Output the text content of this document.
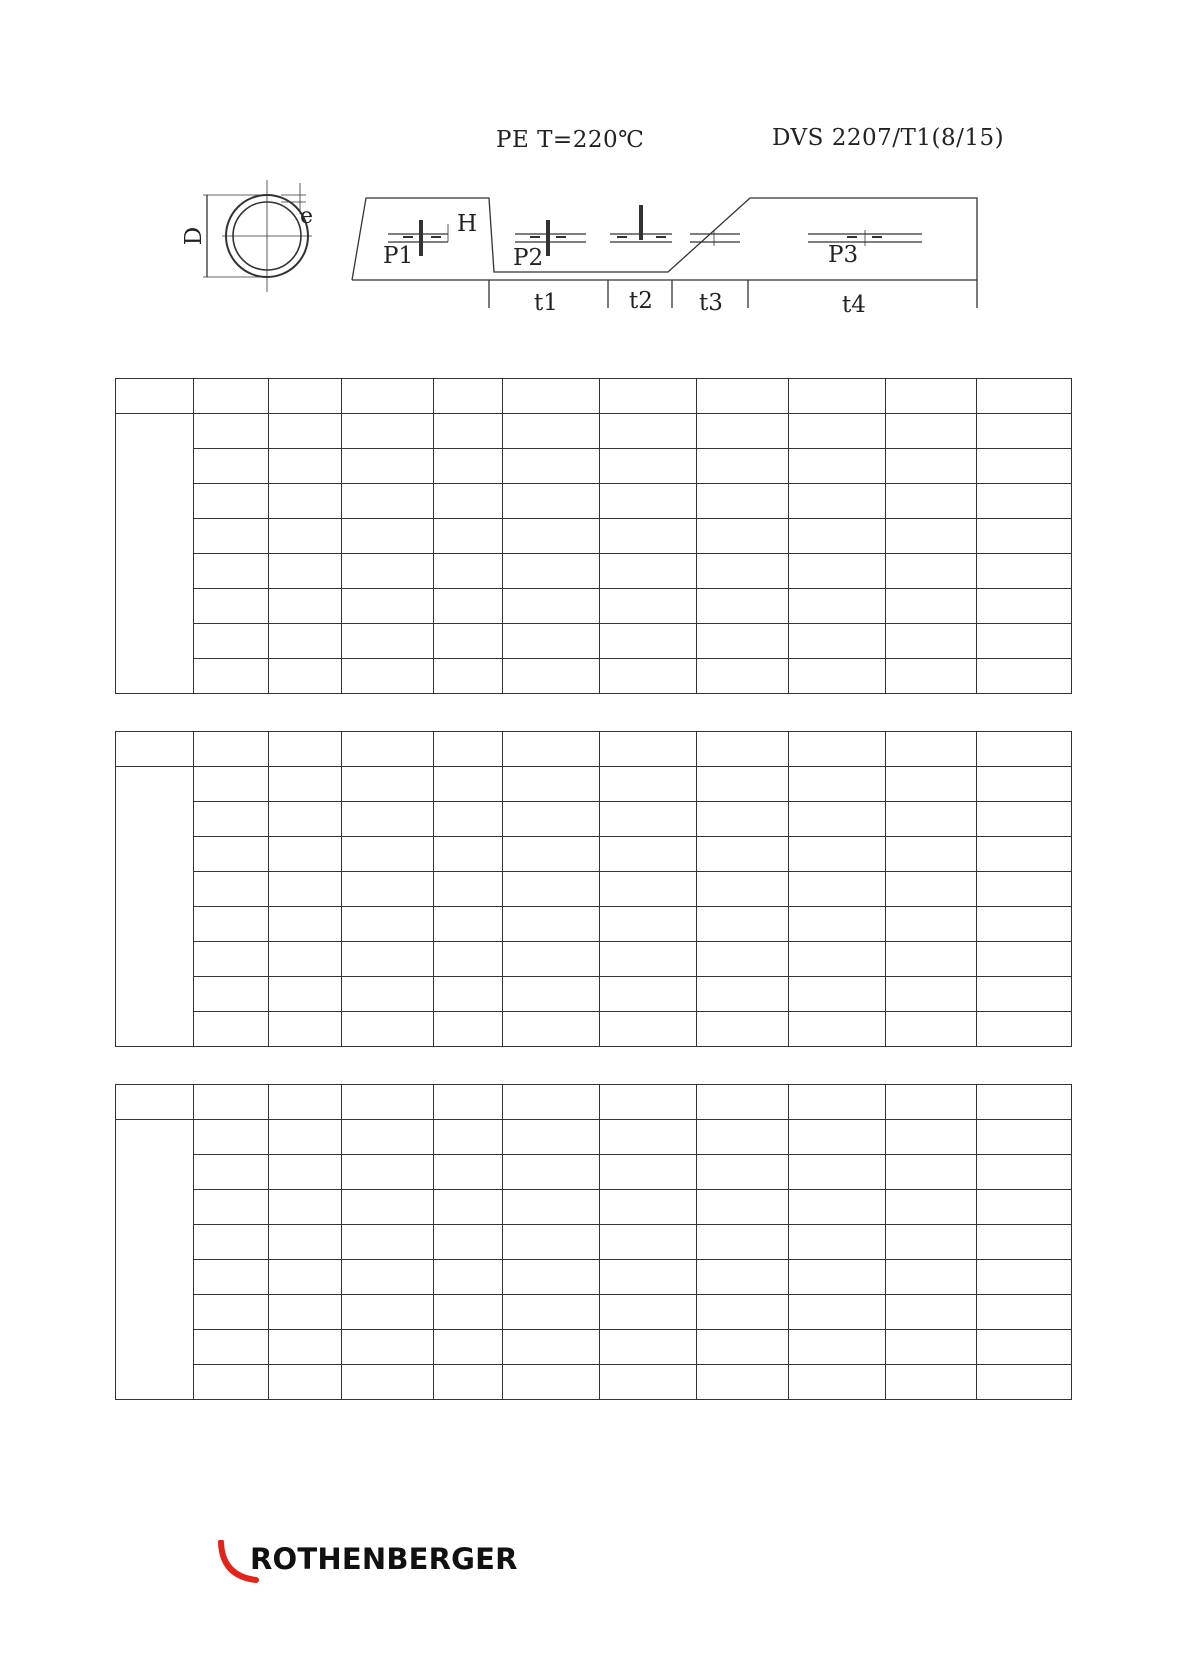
PE T=220℃	DVS 2207/T1(8/15)
D
e
P1
H
P2	P3
t1	t2 t3	t4

ROTHENBERGER
